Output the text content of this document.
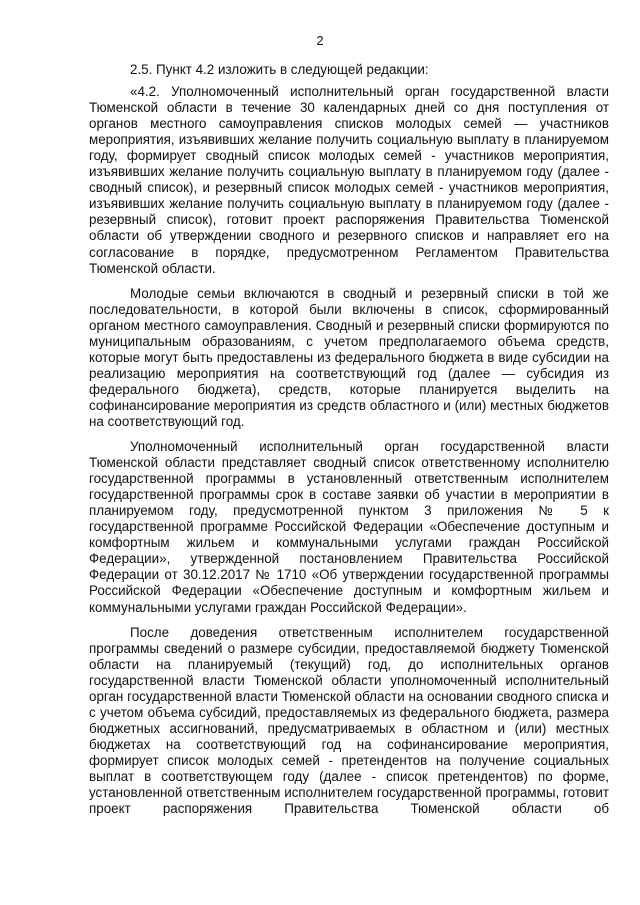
2

2.5. Пункт 4.2 изложить в следующей редакции:

«4.2. Уполномоченный исполнительный орган государственной власти Тюменской области в течение 30 календарных дней со дня поступления от органов местного самоуправления списков молодых семей — участников мероприятия, изъявивших желание получить социальную выплату в планируемом году, формирует сводный список молодых семей - участников мероприятия, изъявивших желание получить социальную выплату в планируемом году (далее - сводный список), и резервный список молодых семей - участников мероприятия, изъявивших желание получить социальную выплату в планируемом году (далее - резервный список), готовит проект распоряжения Правительства Тюменской области об утверждении сводного и резервного списков и направляет его на согласование в порядке, предусмотренном Регламентом Правительства Тюменской области.

Молодые семьи включаются в сводный и резервный списки в той же последовательности, в которой были включены в список, сформированный органом местного самоуправления. Сводный и резервный списки формируются по муниципальным образованиям, с учетом предполагаемого объема средств, которые могут быть предоставлены из федерального бюджета в виде субсидии на реализацию мероприятия на соответствующий год (далее — субсидия из федерального бюджета), средств, которые планируется выделить на софинансирование мероприятия из средств областного и (или) местных бюджетов на соответствующий год.

Уполномоченный исполнительный орган государственной власти Тюменской области представляет сводный список ответственному исполнителю государственной программы в установленный ответственным исполнителем государственной программы срок в составе заявки об участии в мероприятии в планируемом году, предусмотренной пунктом 3 приложения № 5 к государственной программе Российской Федерации «Обеспечение доступным и комфортным жильем и коммунальными услугами граждан Российской Федерации», утвержденной постановлением Правительства Российской Федерации от 30.12.2017 № 1710 «Об утверждении государственной программы Российской Федерации «Обеспечение доступным и комфортным жильем и коммунальными услугами граждан Российской Федерации».

После доведения ответственным исполнителем государственной программы сведений о размере субсидии, предоставляемой бюджету Тюменской области на планируемый (текущий) год, до исполнительных органов государственной власти Тюменской области уполномоченный исполнительный орган государственной власти Тюменской области на основании сводного списка и с учетом объема субсидий, предоставляемых из федерального бюджета, размера бюджетных ассигнований, предусматриваемых в областном и (или) местных бюджетах на соответствующий год на софинансирование мероприятия, формирует список молодых семей - претендентов на получение социальных выплат в соответствующем году (далее - список претендентов) по форме, установленной ответственным исполнителем государственной программы, готовит проект распоряжения Правительства Тюменской области об
